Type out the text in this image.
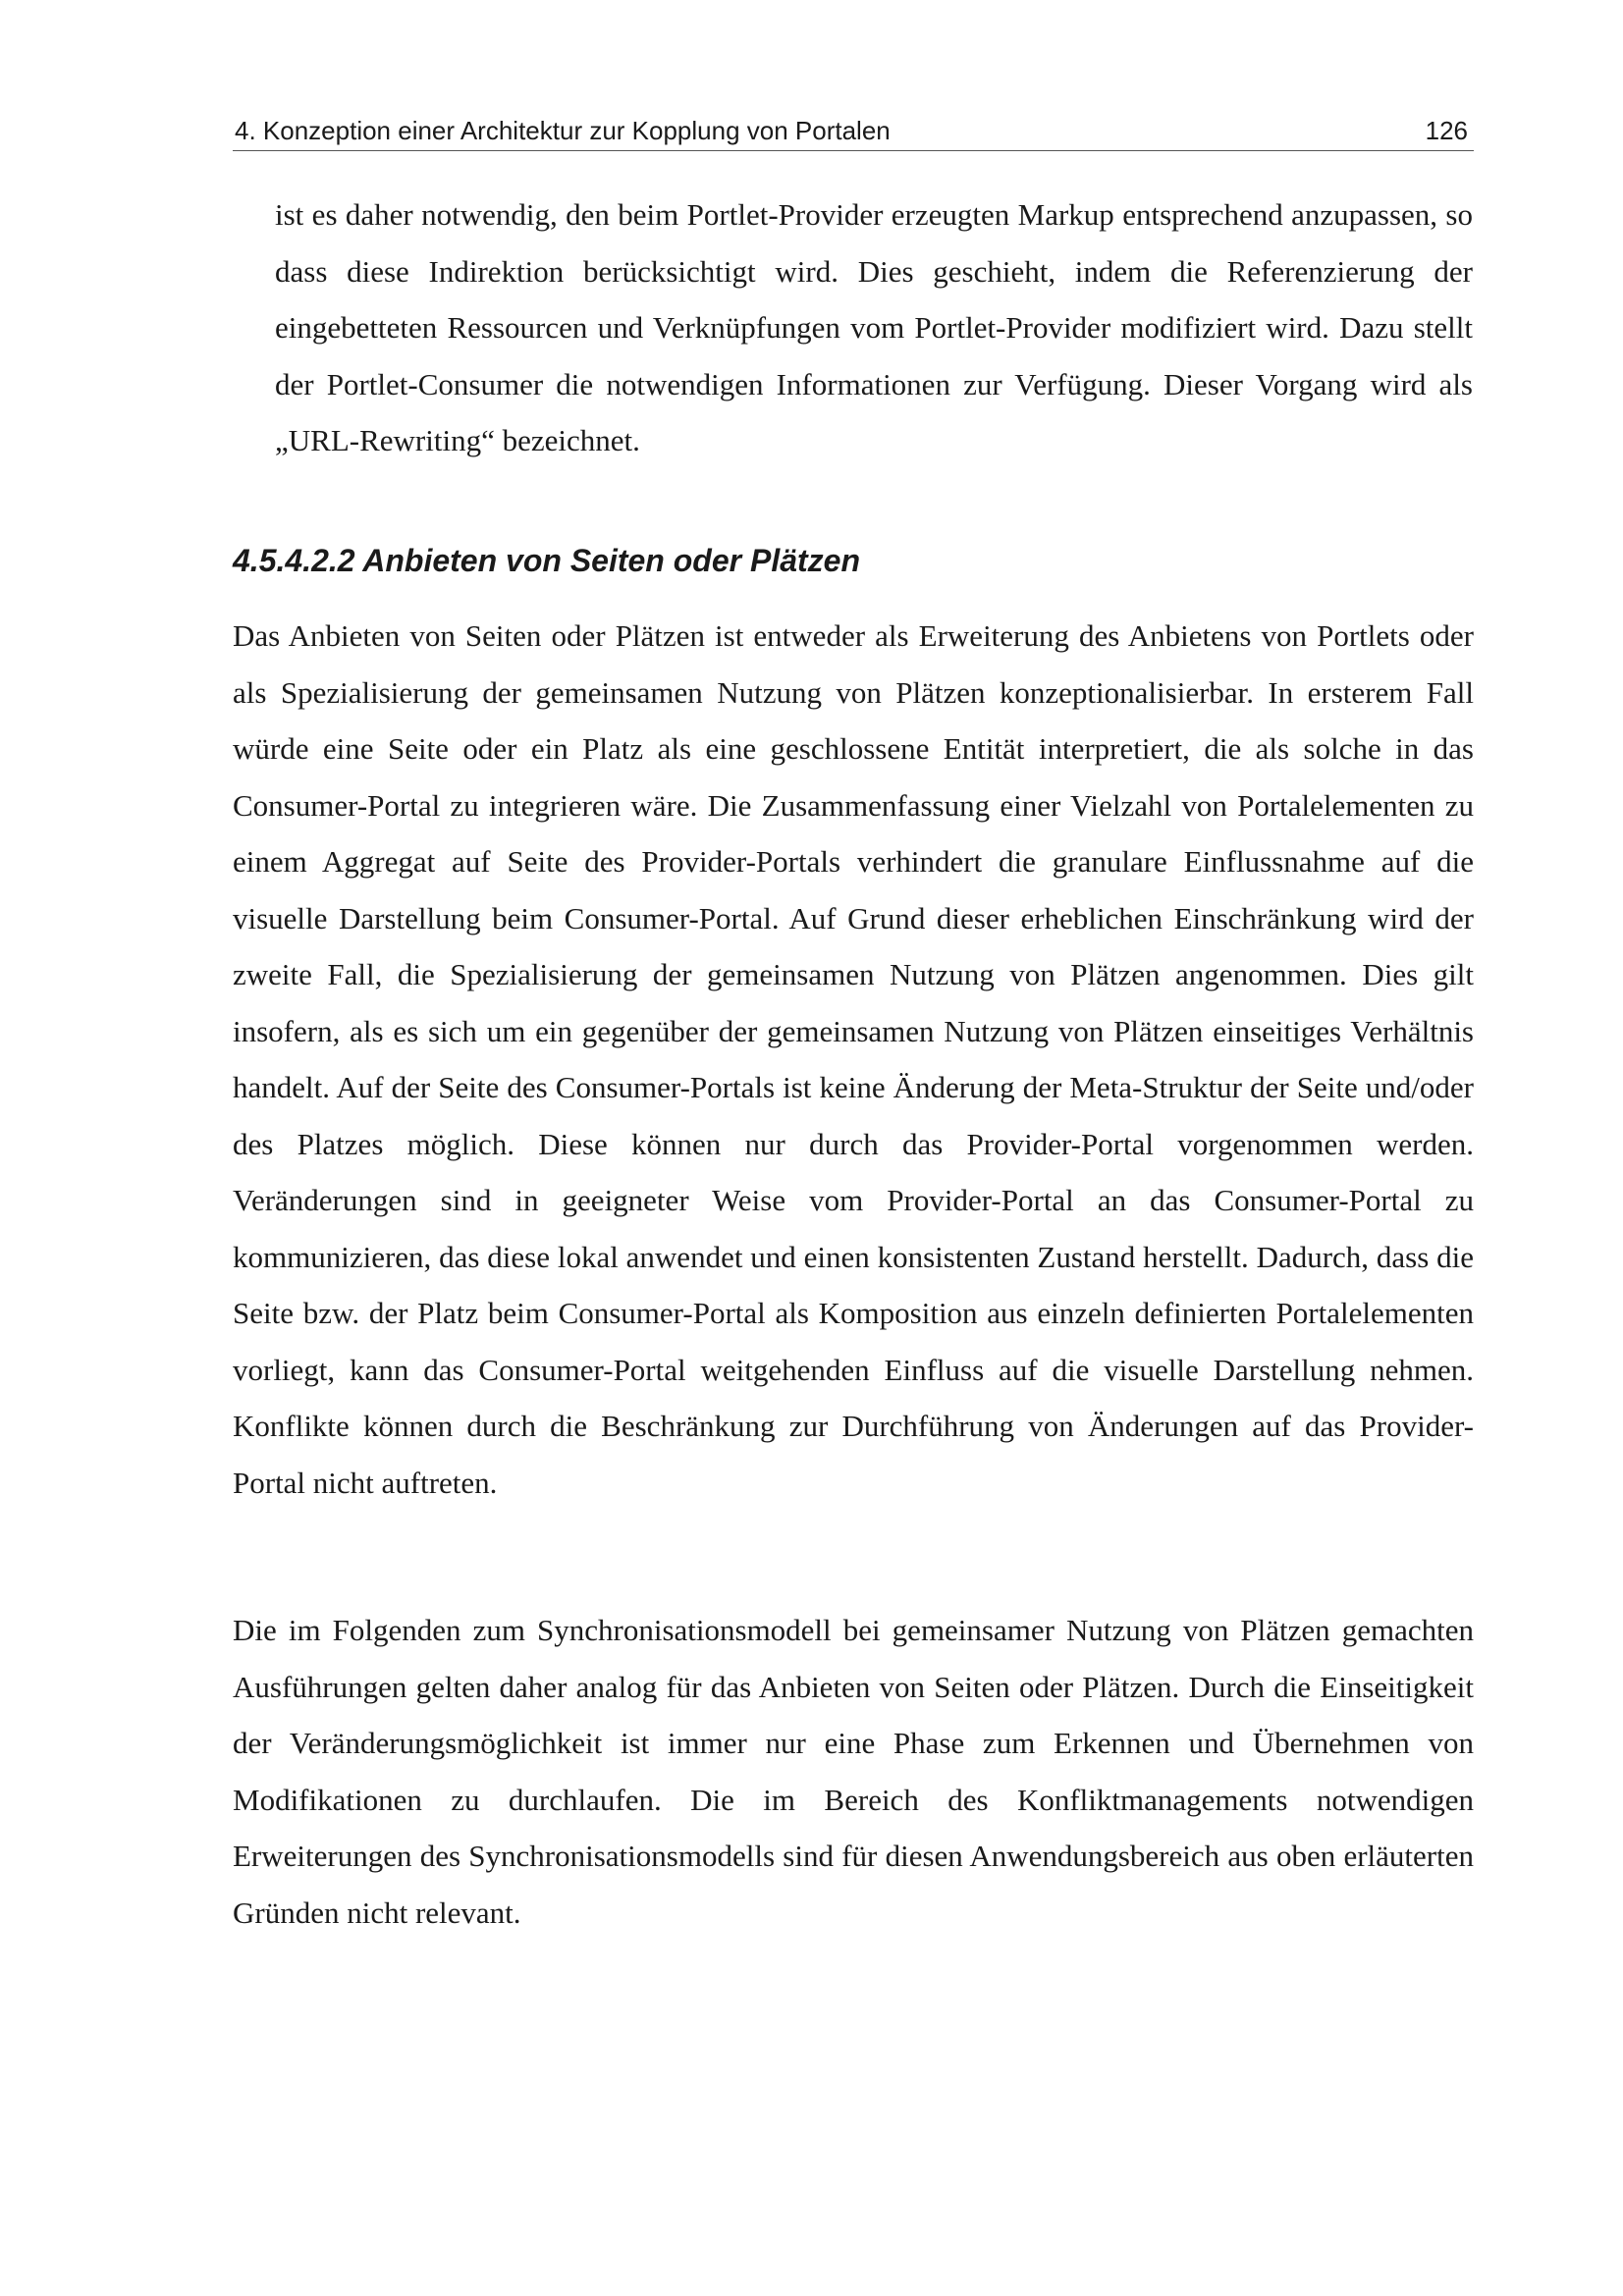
4. Konzeption einer Architektur zur Kopplung von Portalen	126

ist es daher notwendig, den beim Portlet-Provider erzeugten Markup entsprechend anzupassen, so dass diese Indirektion berücksichtigt wird. Dies geschieht, indem die Referenzierung der eingebetteten Ressourcen und Verknüpfungen vom Portlet-Provider modifiziert wird. Dazu stellt der Portlet-Consumer die notwendigen Informationen zur Verfügung. Dieser Vorgang wird als „URL-Rewriting“ bezeichnet.

4.5.4.2.2 Anbieten von Seiten oder Plätzen

Das Anbieten von Seiten oder Plätzen ist entweder als Erweiterung des Anbietens von Portlets oder als Spezialisierung der gemeinsamen Nutzung von Plätzen konzeptionalisierbar. In ersterem Fall würde eine Seite oder ein Platz als eine geschlossene Entität interpretiert, die als solche in das Consumer-Portal zu integrieren wäre. Die Zusammenfassung einer Vielzahl von Portalelementen zu einem Aggregat auf Seite des Provider-Portals verhindert die granulare Einflussnahme auf die visuelle Darstellung beim Consumer-Portal. Auf Grund dieser erheblichen Einschränkung wird der zweite Fall, die Spezialisierung der gemeinsamen Nutzung von Plätzen angenommen. Dies gilt insofern, als es sich um ein gegenüber der gemeinsamen Nutzung von Plätzen einseitiges Verhältnis handelt. Auf der Seite des Consumer-Portals ist keine Änderung der Meta-Struktur der Seite und/oder des Platzes möglich. Diese können nur durch das Provider-Portal vorgenommen werden. Veränderungen sind in geeigneter Weise vom Provider-Portal an das Consumer-Portal zu kommunizieren, das diese lokal anwendet und einen konsistenten Zustand herstellt. Dadurch, dass die Seite bzw. der Platz beim Consumer-Portal als Komposition aus einzeln definierten Portalelementen vorliegt, kann das Consumer-Portal weitgehenden Einfluss auf die visuelle Darstellung nehmen. Konflikte können durch die Beschränkung zur Durchführung von Änderungen auf das Provider-Portal nicht auftreten.

Die im Folgenden zum Synchronisationsmodell bei gemeinsamer Nutzung von Plätzen gemachten Ausführungen gelten daher analog für das Anbieten von Seiten oder Plätzen. Durch die Einseitigkeit der Veränderungsmöglichkeit ist immer nur eine Phase zum Erkennen und Übernehmen von Modifikationen zu durchlaufen. Die im Bereich des Konfliktmanagements notwendigen Erweiterungen des Synchronisationsmodells sind für diesen Anwendungsbereich aus oben erläuterten Gründen nicht relevant.
